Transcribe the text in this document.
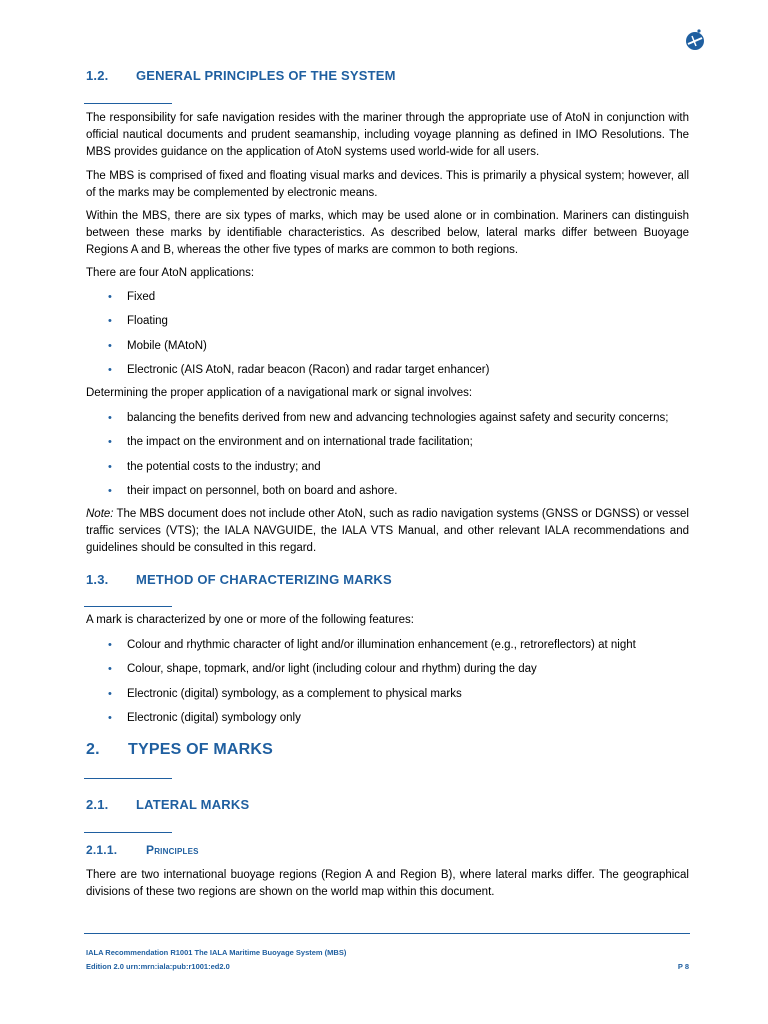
1.2. GENERAL PRINCIPLES OF THE SYSTEM

The responsibility for safe navigation resides with the mariner through the appropriate use of AtoN in conjunction with official nautical documents and prudent seamanship, including voyage planning as defined in IMO Resolutions. The MBS provides guidance on the application of AtoN systems used world-wide for all users.

The MBS is comprised of fixed and floating visual marks and devices. This is primarily a physical system; however, all of the marks may be complemented by electronic means.

Within the MBS, there are six types of marks, which may be used alone or in combination. Mariners can distinguish between these marks by identifiable characteristics. As described below, lateral marks differ between Buoyage Regions A and B, whereas the other five types of marks are common to both regions.

There are four AtoN applications:

• Fixed
• Floating
• Mobile (MAtoN)
• Electronic (AIS AtoN, radar beacon (Racon) and radar target enhancer)

Determining the proper application of a navigational mark or signal involves:

• balancing the benefits derived from new and advancing technologies against safety and security concerns;
• the impact on the environment and on international trade facilitation;
• the potential costs to the industry; and
• their impact on personnel, both on board and ashore.

Note: The MBS document does not include other AtoN, such as radio navigation systems (GNSS or DGNSS) or vessel traffic services (VTS); the IALA NAVGUIDE, the IALA VTS Manual, and other relevant IALA recommendations and guidelines should be consulted in this regard.

1.3. METHOD OF CHARACTERIZING MARKS

A mark is characterized by one or more of the following features:

• Colour and rhythmic character of light and/or illumination enhancement (e.g., retroreflectors) at night
• Colour, shape, topmark, and/or light (including colour and rhythm) during the day
• Electronic (digital) symbology, as a complement to physical marks
• Electronic (digital) symbology only
2. TYPES OF MARKS
2.1. LATERAL MARKS
2.1.1. Principles

There are two international buoyage regions (Region A and Region B), where lateral marks differ. The geographical divisions of these two regions are shown on the world map within this document.

IALA Recommendation R1001 The IALA Maritime Buoyage System (MBS)
Edition 2.0 urn:mrn:iala:pub:r1001:ed2.0	P 8
